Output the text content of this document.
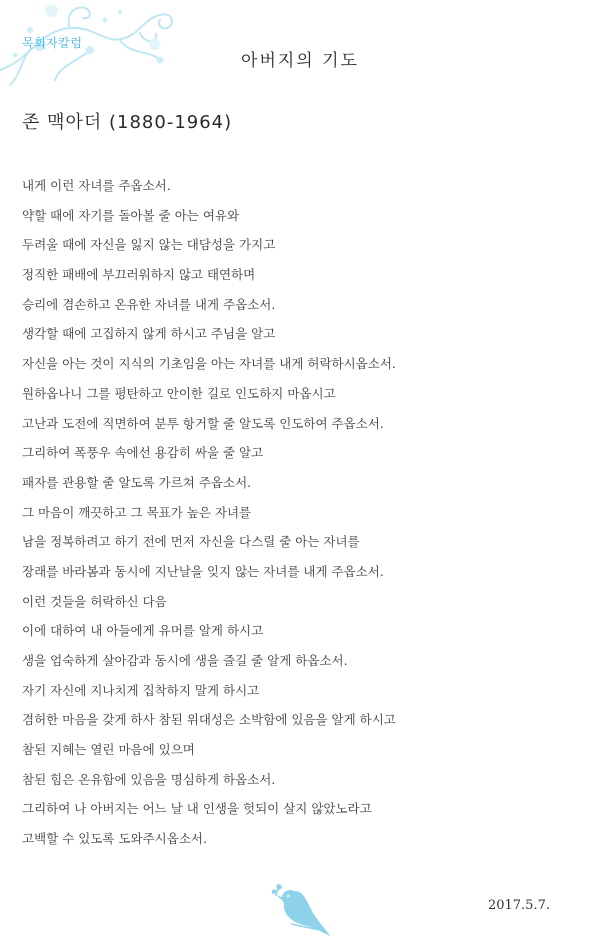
목회자칼럼
아버지의 기도
존 맥아더 (1880-1964)
내게 이런 자녀를 주옵소서.
약할 때에 자기를 돌아볼 줄 아는 여유와
두려울 때에 자신을 잃지 않는 대담성을 가지고
정직한 패배에 부끄러워하지 않고 태연하며
승리에 겸손하고 온유한 자녀를 내게 주옵소서.
생각할 때에 고집하지 않게 하시고 주님을 알고
자신을 아는 것이 지식의 기초임을 아는 자녀를 내게 허락하시옵소서.
원하옵나니 그를 평탄하고 안이한 길로 인도하지 마옵시고
고난과 도전에 직면하여 분투 항거할 줄 알도록 인도하여 주옵소서.
그리하여 폭풍우 속에선 용감히 싸울 줄 알고
패자를 관용할 줄 알도록 가르쳐 주옵소서.
그 마음이 깨끗하고 그 목표가 높은 자녀를
남을 정복하려고 하기 전에 먼저 자신을 다스릴 줄 아는 자녀를
장래를 바라봄과 동시에 지난날을 잊지 않는 자녀를 내게 주옵소서.
이런 것들을 허락하신 다음
이에 대하여 내 아들에게 유머를 알게 하시고
생을 엄숙하게 살아감과 동시에 생을 즐길 줄 알게 하옵소서.
자기 자신에 지나치게 집착하지 말게 하시고
겸허한 마음을 갖게 하사 참된 위대성은 소박함에 있음을 알게 하시고
참된 지혜는 열린 마음에 있으며
참된 힘은 온유함에 있음을 명심하게 하옵소서.
그리하여 나 아버지는 어느 날 내 인생을 헛되이 살지 않았노라고
고백할 수 있도록 도와주시옵소서.
2017.5.7.
